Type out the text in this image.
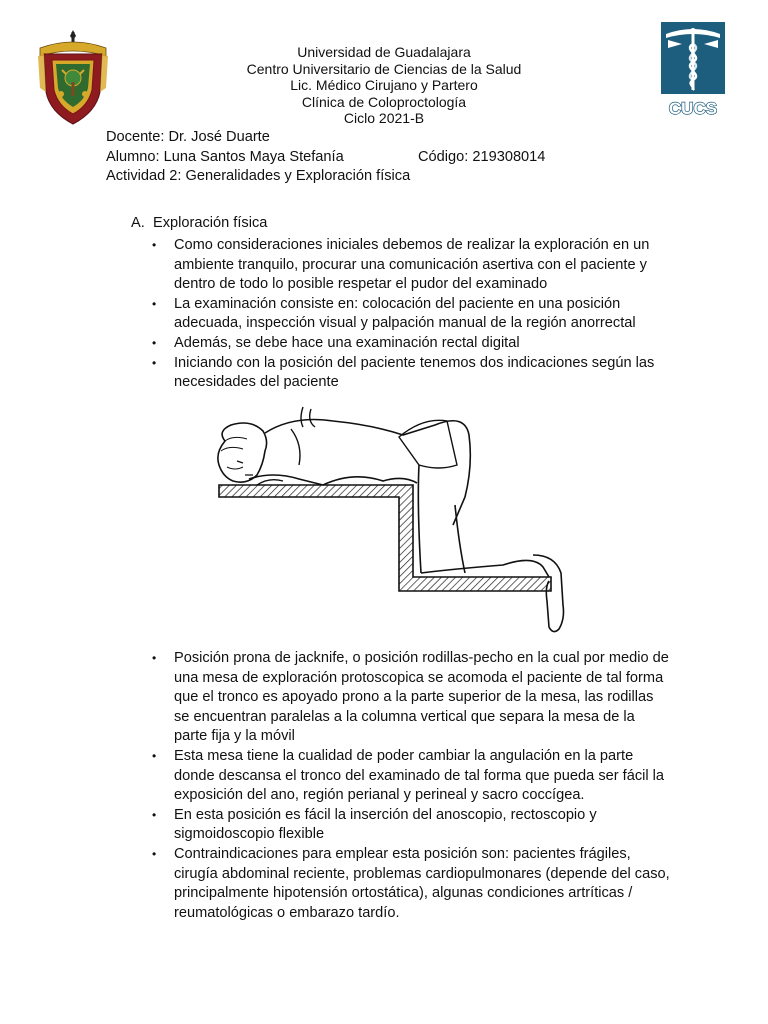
CUCS
Universidad de Guadalajara
Centro Universitario de Ciencias de la Salud
Lic. Médico Cirujano y Partero
Clínica de Coloproctología
Ciclo 2021-B
Docente: Dr. José Duarte
Alumno: Luna Santos Maya Stefanía	Código: 219308014
Actividad 2: Generalidades y Exploración física
A. Exploración física
• Como consideraciones iniciales debemos de realizar la exploración en un ambiente tranquilo, procurar una comunicación asertiva con el paciente y dentro de todo lo posible respetar el pudor del examinado
• La examinación consiste en: colocación del paciente en una posición adecuada, inspección visual y palpación manual de la región anorrectal
• Además, se debe hace una examinación rectal digital
• Iniciando con la posición del paciente tenemos dos indicaciones según las necesidades del paciente
• Posición prona de jacknife, o posición rodillas-pecho en la cual por medio de una mesa de exploración protoscopica se acomoda el paciente de tal forma que el tronco es apoyado prono a la parte superior de la mesa, las rodillas se encuentran paralelas a la columna vertical que separa la mesa de la parte fija y la móvil
• Esta mesa tiene la cualidad de poder cambiar la angulación en la parte donde descansa el tronco del examinado de tal forma que pueda ser fácil la exposición del ano, región perianal y perineal y sacro coccígea.
• En esta posición es fácil la inserción del anoscopio, rectoscopio y sigmoidoscopio flexible
• Contraindicaciones para emplear esta posición son: pacientes frágiles, cirugía abdominal reciente, problemas cardiopulmonares (depende del caso, principalmente hipotensión ortostática), algunas condiciones artríticas / reumatológicas o embarazo tardío.
